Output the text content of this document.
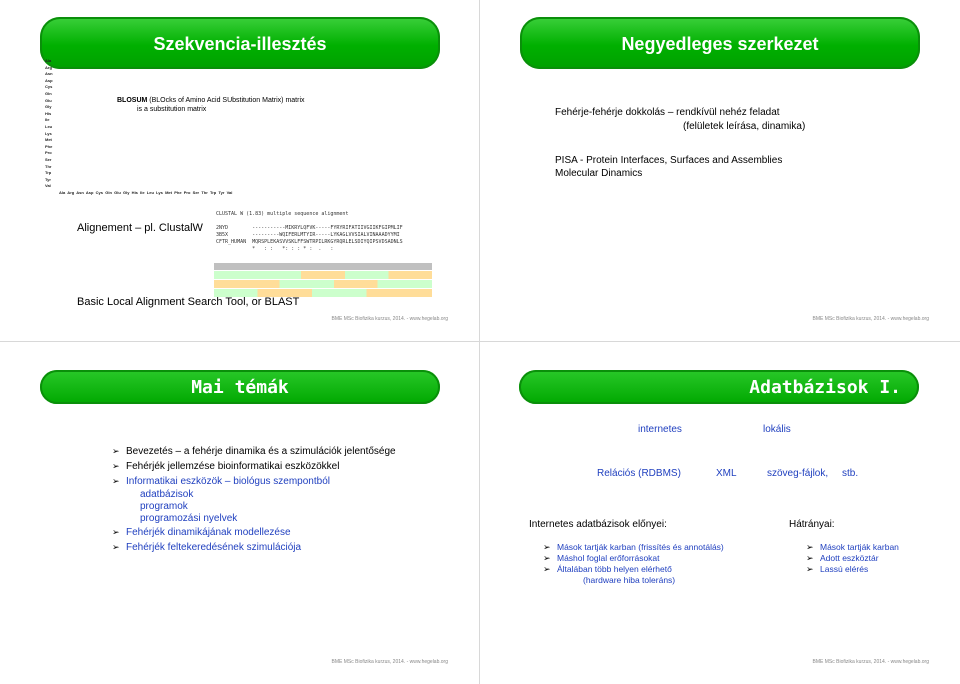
Szekvencia-illesztés
Ala
Arg
Asn
Asp
Cys
Gln
Glu
Gly
His
Ile
Leu
Lys
Met
Phe
Pro
Ser
Thr
Trp
Tyr
Val
Ala  Arg  Asn  Asp  Cys  Gln  Glu  Gly  His  Ile  Leu  Lys  Met  Phe  Pro  Ser  Thr  Trp  Tyr  Val
BLOSUM (BLOcks of Amino Acid SUbstitution Matrix) matrix
is a substitution matrix
Alignement – pl. ClustalW
CLUSTAL W (1.83) multiple sequence alignment

2NYD        -----------MIKRYLQFVK-----FYRYRIFATIIVGIIKFGIPMLIF
3B5X        ---------WQIFERLMTYIR-----LYKAGLVVSIALVINAAADYYMI
CFTR_HUMAN  MQRSPLEKASVVSKLFFSWTRPILRKGYRQRLELSDIYQIPSVDSADNLS
*   : :   *: : : * :  .   :
Basic Local Alignment Search Tool, or BLAST
BME MSc Biofizika kurzus, 2014. - www.hegelab.org
Negyedleges szerkezet
Fehérje-fehérje dokkolás – rendkívül nehéz feladat
(felületek leírása, dinamika)
PISA - Protein Interfaces, Surfaces and Assemblies
Molecular Dinamics
BME MSc Biofizika kurzus, 2014. - www.hegelab.org
Mai témák
➢ Bevezetés – a fehérje dinamika és a szimulációk jelentősége
➢ Fehérjék jellemzése bioinformatikai eszközökkel
➢ Informatikai eszközök – biológus szempontból
adatbázisok
programok
programozási nyelvek
➢ Fehérjék dinamikájának modellezése
➢ Fehérjék feltekeredésének szimulációja
BME MSc Biofizika kurzus, 2014. - www.hegelab.org
Adatbázisok I.
internetes	lokális
Relációs (RDBMS)	XML	szöveg-fájlok, stb.
Internetes adatbázisok előnyei:	Hátrányai:
➢ Mások tartják karban (frissítés és annotálás)
➢ Máshol foglal erőforrásokat
➢ Általában több helyen elérhető
(hardware hiba toleráns)
➢ Mások tartják karban
➢ Adott eszköztár
➢ Lassú elérés
BME MSc Biofizika kurzus, 2014. - www.hegelab.org
